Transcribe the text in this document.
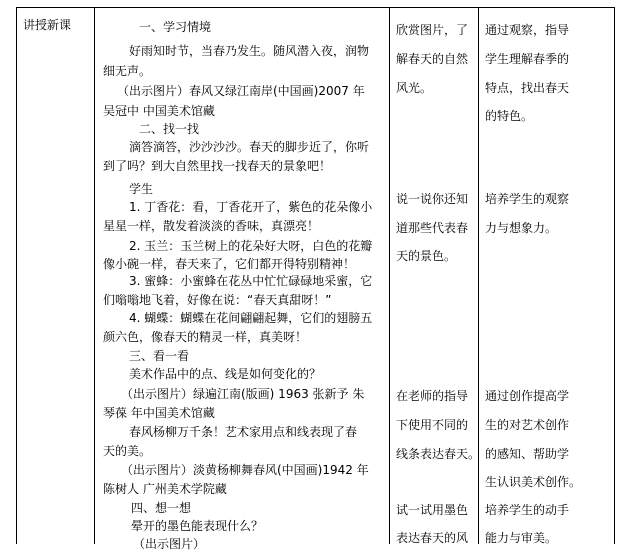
讲授新课	一、学习情境
好雨知时节，当春乃发生。随风潜入夜，润物
细无声。
（出示图片）春风又绿江南岸(中国画)2007 年
吴冠中 中国美术馆藏
二、找一找
滴答滴答，沙沙沙沙。春天的脚步近了，你听
到了吗？到大自然里找一找春天的景象吧！
学生
1. 丁香花：看，丁香花开了，紫色的花朵像小
星星一样，散发着淡淡的香味，真漂亮！
2. 玉兰：玉兰树上的花朵好大呀，白色的花瓣
像小碗一样，春天来了，它们都开得特别精神！
3. 蜜蜂：小蜜蜂在花丛中忙忙碌碌地采蜜，它
们嗡嗡地飞着，好像在说：“春天真甜呀！”
4. 蝴蝶：蝴蝶在花间翩翩起舞，它们的翅膀五
颜六色，像春天的精灵一样，真美呀！
三、看一看
美术作品中的点、线是如何变化的？
（出示图片）绿遍江南(版画) 1963 张新予 朱
琴葆 年中国美术馆藏
春风杨柳万千条！艺术家用点和线表现了春
天的美。
（出示图片）淡黄杨柳舞春风(中国画)1942 年
陈树人 广州美术学院藏
四、想一想
晕开的墨色能表现什么？
（出示图片）
欣赏图片，了
解春天的自然
风光。
说一说你还知
道那些代表春
天的景色。
在老师的指导
下使用不同的
线条表达春天。
试一试用墨色
表达春天的风
通过观察，指导
学生理解春季的
特点，找出春天
的特色。
培养学生的观察
力与想象力。
通过创作提高学
生的对艺术创作
的感知、帮助学
生认识美术创作。
培养学生的动手
能力与审美。
